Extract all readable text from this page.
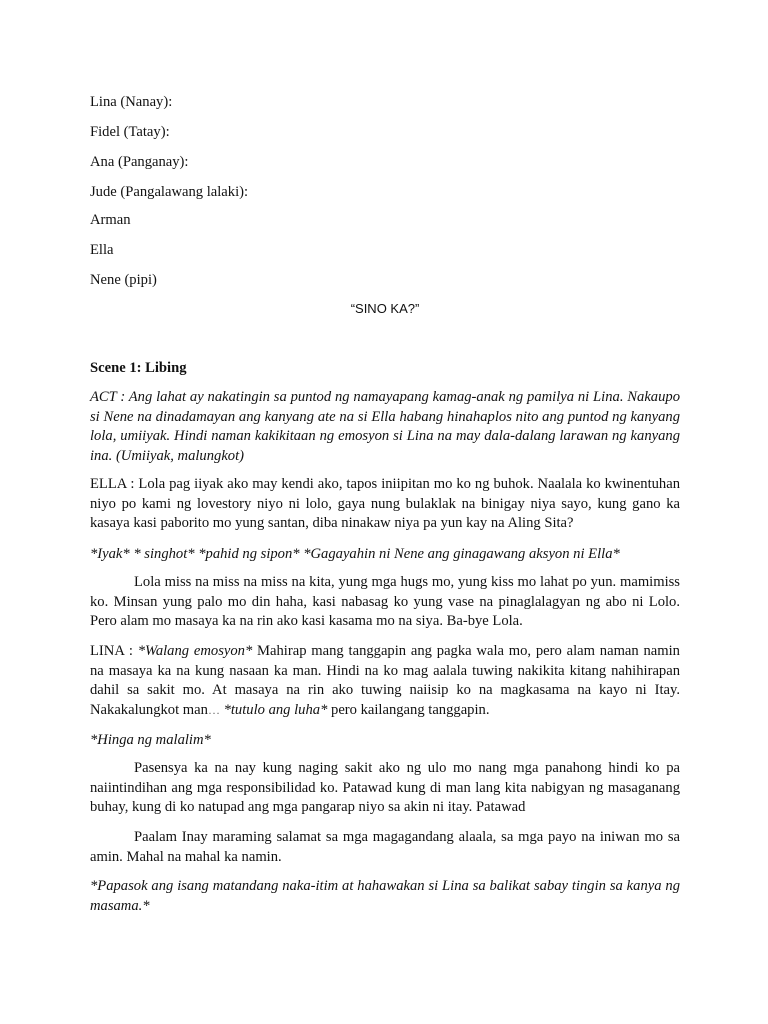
Lina (Nanay):
Fidel (Tatay):
Ana (Panganay):
Jude (Pangalawang lalaki):
Arman
Ella
Nene (pipi)
“SINO KA?”
Scene 1: Libing
ACT : Ang lahat ay nakatingin sa puntod ng namayapang kamag-anak ng pamilya ni Lina. Nakaupo si Nene na dinadamayan ang kanyang ate na si Ella habang hinahaplos nito ang puntod ng kanyang lola, umiiyak. Hindi naman kakikitaan ng emosyon si Lina na may dala-dalang larawan ng kanyang ina. (Umiiyak, malungkot)
ELLA : Lola pag iiyak ako may kendi ako, tapos iniipitan mo ko ng buhok. Naalala ko kwinentuhan niyo po kami ng lovestory niyo ni lolo, gaya nung bulaklak na binigay niya sayo, kung gano ka kasaya kasi paborito mo yung santan, diba ninakaw niya pa yun kay na Aling Sita?
*Iyak* * singhot* *pahid ng sipon* *Gagayahin ni Nene ang ginagawang aksyon ni Ella*
Lola miss na miss na miss na kita, yung mga hugs mo, yung kiss mo lahat po yun. mamimiss ko. Minsan yung palo mo din haha, kasi nabasag ko yung vase na pinaglalagyan ng abo ni Lolo. Pero alam mo masaya ka na rin ako kasi kasama mo na siya. Ba-bye Lola.
LINA : *Walang emosyon* Mahirap mang tanggapin ang pagka wala mo, pero alam naman namin na masaya ka na kung nasaan ka man. Hindi na ko mag aalala tuwing nakikita kitang nahihirapan dahil sa sakit mo. At masaya na rin ako tuwing naiisip ko na magkasama na kayo ni Itay. Nakakalungkot man… *tutulo ang luha* pero kailangang tanggapin.
*Hinga ng malalim*
Pasensya ka na nay kung naging sakit ako ng ulo mo nang mga panahong hindi ko pa naiintindihan ang mga responsibilidad ko. Patawad kung di man lang kita nabigyan ng masaganang buhay, kung di ko natupad ang mga pangarap niyo sa akin ni itay. Patawad
Paalam Inay maraming salamat sa mga magagandang alaala, sa mga payo na iniwan mo sa amin. Mahal na mahal ka namin.
*Papasok ang isang matandang naka-itim at hahawakan si Lina sa balikat sabay tingin sa kanya ng masama.*
